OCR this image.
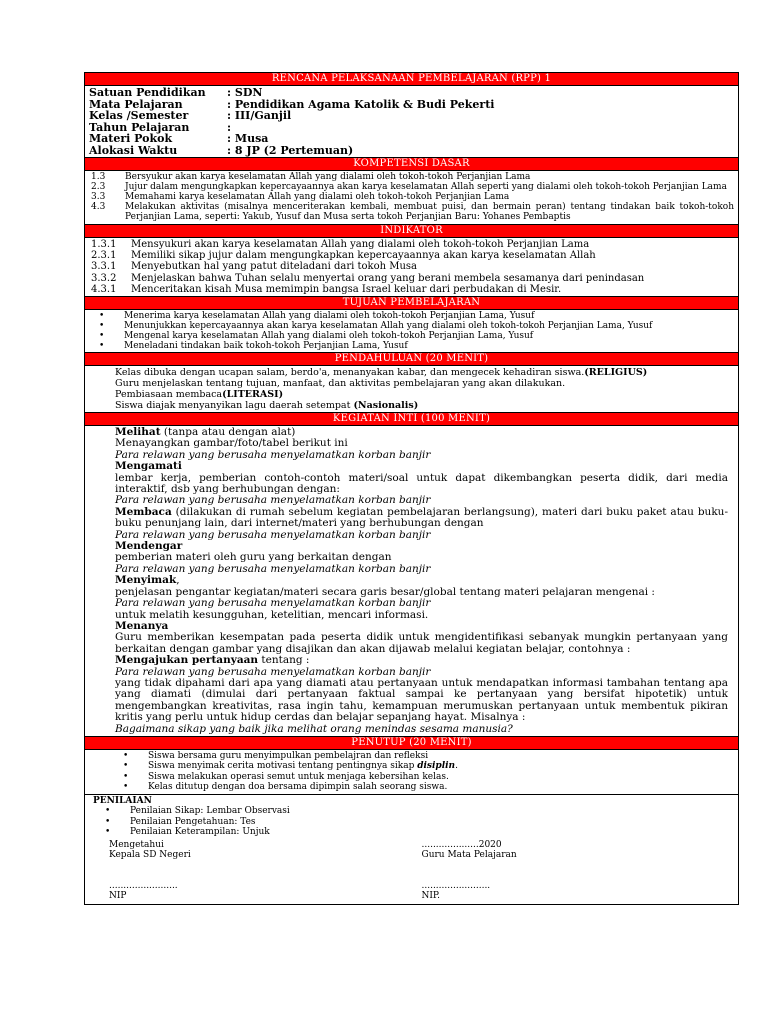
RENCANA PELAKSANAAN PEMBELAJARAN (RPP) 1
Satuan Pendidikan	: SDN
Mata Pelajaran	: Pendidikan Agama Katolik & Budi Pekerti
Kelas /Semester	: III/Ganjil
Tahun Pelajaran	:
Materi Pokok	: Musa
Alokasi Waktu	: 8 JP (2 Pertemuan)
KOMPETENSI DASAR
1.3	Bersyukur akan karya keselamatan Allah yang dialami oleh tokoh-tokoh Perjanjian Lama
2.3	Jujur dalam mengungkapkan kepercayaannya akan karya keselamatan Allah seperti yang dialami oleh tokoh-tokoh Perjanjian Lama
3.3	Memahami karya keselamatan Allah yang dialami oleh tokoh-tokoh Perjanjian Lama
4.3	Melakukan aktivitas (misalnya menceriterakan kembali, membuat puisi, dan bermain peran) tentang tindakan baik tokoh-tokoh Perjanjian Lama, seperti: Yakub, Yusuf dan Musa serta tokoh Perjanjian Baru: Yohanes Pembaptis
INDIKATOR
1.3.1	Mensyukuri akan karya keselamatan Allah yang dialami oleh tokoh-tokoh Perjanjian Lama
2.3.1	Memiliki sikap jujur dalam mengungkapkan kepercayaannya akan karya keselamatan Allah
3.3.1	Menyebutkan hal yang patut diteladani dari tokoh Musa
3.3.2	Menjelaskan bahwa Tuhan selalu menyertai orang yang berani membela sesamanya dari penindasan
4.3.1	Menceritakan kisah Musa memimpin bangsa Israel keluar dari perbudakan di Mesir.
TUJUAN PEMBELAJARAN
•	Menerima karya keselamatan Allah yang dialami oleh tokoh-tokoh Perjanjian Lama, Yusuf
•	Menunjukkan kepercayaannya akan karya keselamatan Allah yang dialami oleh tokoh-tokoh Perjanjian Lama, Yusuf
•	Mengenal karya keselamatan Allah yang dialami oleh tokoh-tokoh Perjanjian Lama, Yusuf
•	Meneladani tindakan baik tokoh-tokoh Perjanjian Lama, Yusuf
PENDAHULUAN (20 MENIT)
Kelas dibuka dengan ucapan salam, berdo'a, menanyakan kabar, dan mengecek kehadiran siswa.(RELIGIUS)
Guru menjelaskan tentang tujuan, manfaat, dan aktivitas pembelajaran yang akan dilakukan.
Pembiasaan membaca(LITERASI)
Siswa diajak menyanyikan lagu daerah setempat (Nasionalis)
KEGIATAN INTI (100 MENIT)
Melihat (tanpa atau dengan alat)
Menayangkan gambar/foto/tabel berikut ini
Para relawan yang berusaha menyelamatkan korban banjir
Mengamati
lembar kerja, pemberian contoh-contoh materi/soal untuk dapat dikembangkan peserta didik, dari media interaktif, dsb yang berhubungan dengan:
Para relawan yang berusaha menyelamatkan korban banjir
Membaca (dilakukan di rumah sebelum kegiatan pembelajaran berlangsung), materi dari buku paket atau buku-buku penunjang lain, dari internet/materi yang berhubungan dengan
Para relawan yang berusaha menyelamatkan korban banjir
Mendengar
pemberian materi oleh guru yang berkaitan dengan
Para relawan yang berusaha menyelamatkan korban banjir
Menyimak,
penjelasan pengantar kegiatan/materi secara garis besar/global tentang materi pelajaran mengenai :
Para relawan yang berusaha menyelamatkan korban banjir
untuk melatih kesungguhan, ketelitian, mencari informasi.
Menanya
Guru memberikan kesempatan pada peserta didik untuk mengidentifikasi sebanyak mungkin pertanyaan yang berkaitan dengan gambar yang disajikan dan akan dijawab melalui kegiatan belajar, contohnya :
Mengajukan pertanyaan tentang :
Para relawan yang berusaha menyelamatkan korban banjir
yang tidak dipahami dari apa yang diamati atau pertanyaan untuk mendapatkan informasi tambahan tentang apa yang diamati (dimulai dari pertanyaan faktual sampai ke pertanyaan yang bersifat hipotetik) untuk mengembangkan kreativitas, rasa ingin tahu, kemampuan merumuskan pertanyaan untuk membentuk pikiran kritis yang perlu untuk hidup cerdas dan belajar sepanjang hayat. Misalnya :
Bagaimana sikap yang baik jika melihat orang menindas sesama manusia?
PENUTUP (20 MENIT)
•	Siswa bersama guru menyimpulkan pembelajran dan refleksi
•	Siswa menyimak cerita motivasi tentang pentingnya sikap disiplin.
•	Siswa melakukan operasi semut untuk menjaga kebersihan kelas.
•	Kelas ditutup dengan doa bersama dipimpin salah seorang siswa.
PENILAIAN
•	Penilaian Sikap: Lembar Observasi
•	Penilaian Pengetahuan: Tes
•	Penilaian Keterampilan: Unjuk
Mengetahui
Kepala SD Negeri
........................
NIP
....................2020
Guru Mata Pelajaran
........................
NIP.
